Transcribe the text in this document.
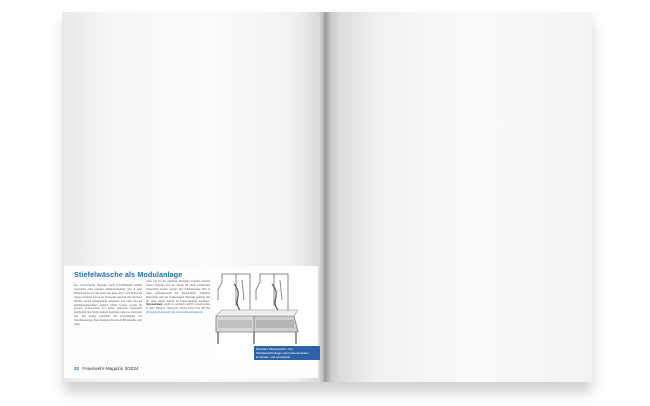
Stiefelwäsche als Modulanlage
Der österreichische Hersteller Aschl [LUXEMANN GmbH] entwickelte seine bekannte Stiefelwaschanlage jetzt in einer Modulbauweise zu. Mit dieser Idee kann sich je nach Bedarf die Anlage erweitern und an die Feuerwehr anpassen. Die einzelnen Module werden nebeneinander aufgestellt und somit sind die Reinigungskapazitäten deutlich erhöht worden. Gerade für grössere Feuerwachen, bei denen zahlreiche Kameraden gleichzeitig ihre Stiefel reinigen benötigen, kann das interessant sein. Die Anlage ermöglicht die Grobreinigung von Verschmutzungen. Eine integrierte Kunststoff-Bürstenreihe sorgt dabei
somit soll bei der gesamten Reinigung zwischen Stiefeln bessere Optionen nach der Anlage mit einem zusätzlichen Spritzschutz bestellt werden. Das Schmutzwasser läuft in einen Auffangbereich mit Ablaufschlitz. Sämtliche Materialien sind aus hochwertigem Edelstahl gefertigt und für einen langen Einsatz im Feuerwehralltag konzipiert. Informationen: Aschl Jo Gebrauch GmbH, Gewerbestraße 4, 4623 Pinsdorf, Österreich, Telefon 0043 7612 887700, office@aschl-edelstahl.com, www.aschl-edelstahl.com
Modulare Stiefelwäsche: Die Stiefelwaschanlagen sind nebeneinander kombinier- und erweiterbar
32 Feuerwehr-Magazin 3/2024
